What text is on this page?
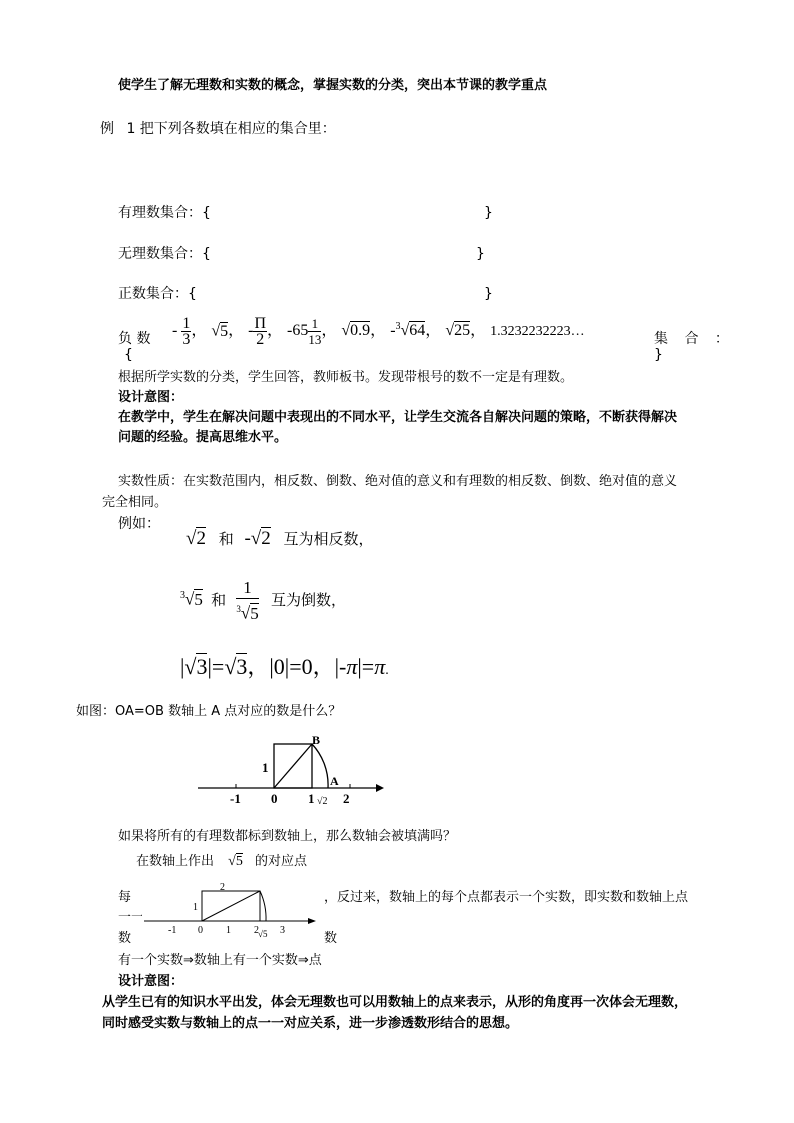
使学生了解无理数和实数的概念，掌握实数的分类，突出本节课的教学重点
例 1 把下列各数填在相应的集合里：
有理数集合：{	}
无理数集合：{	}
正数集合：{	}
负 数 - $\frac{1}{3}$ ， √5， - $\frac{\Pi}{2}$ ， $-65 \frac{1}{13}$ ， √0.9， -$^3$√64， √25， 1.3232232223…	集 合 ：
{	}
根据所学实数的分类，学生回答，教师板书。发现带根号的数不一定是有理数。
设计意图：
在教学中，学生在解决问题中表现出的不同水平，让学生交流各自解决问题的策略，不断获得解决
问题的经验。提高思维水平。
实数性质：在实数范围内，相反数、倒数、绝对值的意义和有理数的相反数、倒数、绝对值的意义
完全相同。
例如：
√2 和 -√2 互为相反数，
$^3$√5 和 $\frac{1}{^3√5}$ 互为倒数，
|√3|=√3，|0|=0，|-π|=π.
如图：OA=OB 数轴上 A 点对应的数是什么？
-1 0 1 2
B
A
1
√2
如果将所有的有理数都标到数轴上，那么数轴会被填满吗？
在数轴上作出 √5 的对应点
每
一一
数
，反过来，数轴上的每个点都表示一个实数，即实数和数轴上点
数
-1 0 1 2 3
2
1
√5
有一个实数⇒数轴上有一个实数⇒点
设计意图：
从学生已有的知识水平出发，体会无理数也可以用数轴上的点来表示，从形的角度再一次体会无理数，
同时感受实数与数轴上的点一一对应关系，进一步渗透数形结合的思想。
